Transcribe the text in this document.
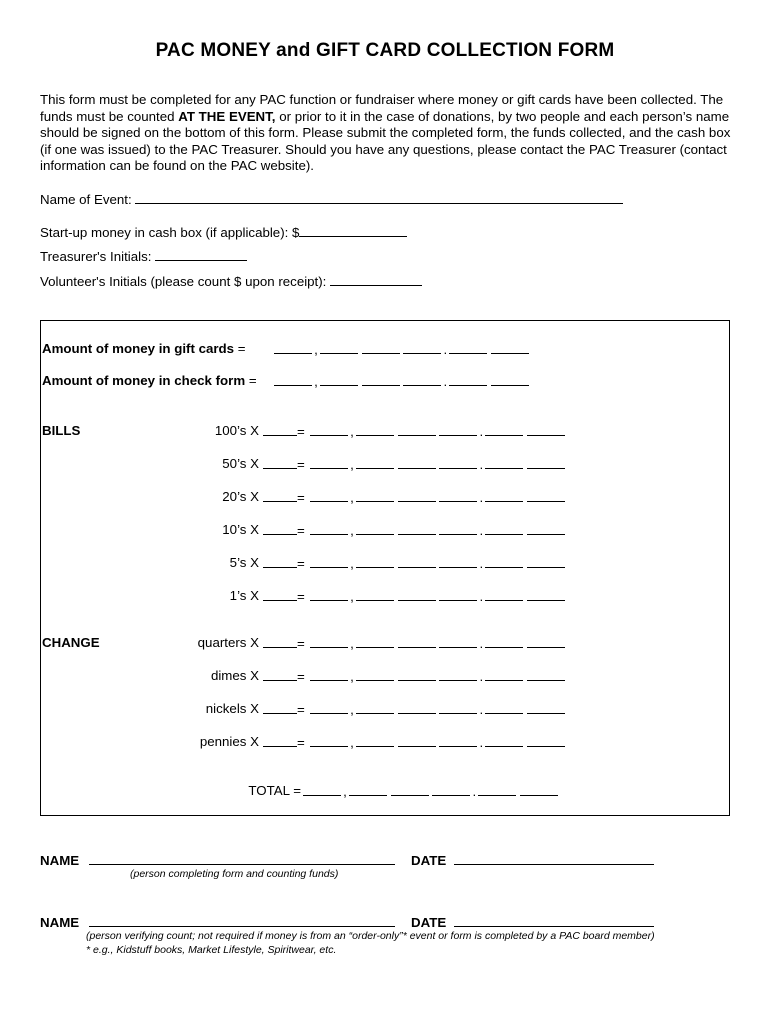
PAC MONEY and GIFT CARD COLLECTION FORM
This form must be completed for any PAC function or fundraiser where money or gift cards have been collected. The funds must be counted AT THE EVENT, or prior to it in the case of donations, by two people and each person’s name should be signed on the bottom of this form. Please submit the completed form, the funds collected, and the cash box (if one was issued) to the PAC Treasurer. Should you have any questions, please contact the PAC Treasurer (contact information can be found on the PAC website).
Name of Event:
Start-up money in cash box (if applicable): $
Treasurer's Initials:
Volunteer's Initials (please count $ upon receipt):
Amount of money in gift cards =	,	.
Amount of money in check form =	,	.
BILLS
CHANGE
TOTAL =	,	.
100’s X	=	,	.
50’s X	=	,	.
20’s X	=	,	.
10’s X	=	,	.
5’s X	=	,	.
1’s X	=	,	.
quarters X	=	,	.
dimes X	=	,	.
nickels X	=	,	.
pennies X	=	,	.
NAME	DATE
(person completing form and counting funds)
NAME	DATE
(person verifying count; not required if money is from an “order-only”* event or form is completed by a PAC board member)
* e.g., Kidstuff books, Market Lifestyle, Spiritwear, etc.
